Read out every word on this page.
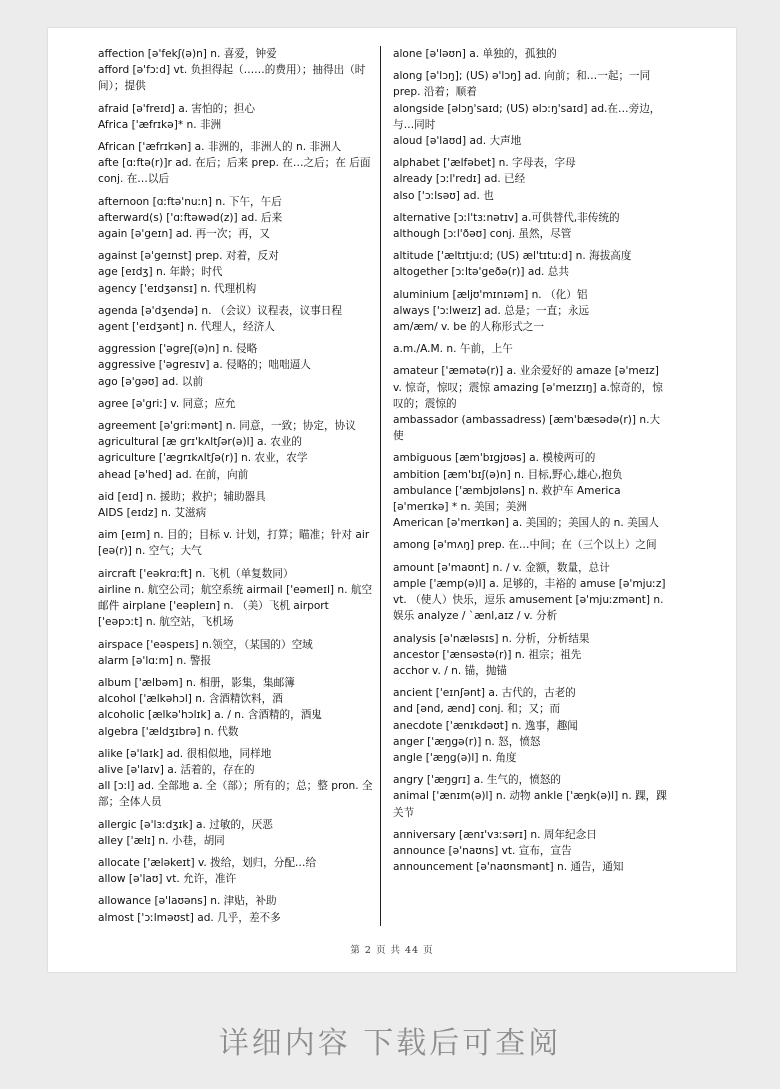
affection [ə'fekʃ(ə)n] n. 喜爱，钟爱
afford [ə'fɔːd] vt. 负担得起（……的费用）；抽得出（时间）；提供

afraid [ə'freɪd] a. 害怕的；担心
Africa ['æfrɪkə]* n. 非洲

African ['æfrɪkən] a. 非洲的，非洲人的 n. 非洲人
afte [ɑːftə(r)]r ad. 在后；后来 prep. 在…之后；在 后面 conj. 在…以后

afternoon [ɑːftə'nuːn] n. 下午，午后
afterward(s) ['ɑːftəwəd(z)] ad. 后来
again [ə'geɪn] ad. 再一次；再，又

against [ə'geɪnst] prep. 对着，反对
age [eɪdʒ] n. 年龄；时代
agency ['eɪdʒənsɪ] n. 代理机构

agenda [ə'dʒendə] n. （会议）议程表，议事日程
agent ['eɪdʒənt] n. 代理人，经济人

aggression ['əgreʃ(ə)n] n. 侵略
aggressive ['əgresɪv] a. 侵略的；咄咄逼人
ago [ə'gəʊ] ad. 以前

agree [ə'griː] v. 同意；应允

agreement [ə'griːmənt] n. 同意，一致；协定，协议
agricultural [æ grɪ'kʌltʃər(ə)l] a. 农业的
agriculture ['ægrɪkʌltʃə(r)] n. 农业，农学
ahead [ə'hed] ad. 在前，向前

aid [eɪd] n. 援助；救护；辅助器具
AIDS [eɪdz] n. 艾滋病

aim [eɪm] n. 目的；目标 v. 计划，打算；瞄准；针对 air [eə(r)] n. 空气；大气

aircraft ['eəkrɑːft] n. 飞机（单复数同）
airline n. 航空公司；航空系统 airmail ['eəmeɪl] n. 航空邮件 airplane ['eəpleɪn] n. （美）飞机 airport ['eəpɔːt] n. 航空站，飞机场

airspace ['eəspeɪs] n.领空，（某国的）空域
alarm [ə'lɑːm] n. 警报

album ['ælbəm] n. 相册，影集，集邮簿
alcohol ['ælkəhɔl] n. 含酒精饮料，酒
alcoholic [ælkə'hɔlɪk] a. / n. 含酒精的，酒鬼
algebra ['ældʒɪbrə] n. 代数

alike [ə'laɪk] ad. 很相似地，同样地
alive [ə'laɪv] a. 活着的，存在的
all [ɔːl] ad. 全部地 a. 全（部）；所有的；总；整 pron. 全部；全体人员

allergic [ə'lɜːdʒɪk] a. 过敏的，厌恶
alley ['ælɪ] n. 小巷，胡同

allocate ['æləkeɪt] v. 拨给，划归，分配…给
allow [ə'laʊ] vt. 允许，准许

allowance [ə'laʊəns] n. 津贴，补助
almost ['ɔːlməʊst] ad. 几乎，差不多

alone [ə'ləʊn] a. 单独的，孤独的

along [ə'lɔŋ]; (US) ə'lɔŋ] ad. 向前；和…一起；一同 prep. 沿着；顺着
alongside [əlɔŋ'saɪd; (US) əlɔːŋ'saɪd] ad.在…旁边，与…同时
aloud [ə'laʊd] ad. 大声地

alphabet ['ælfəbet] n. 字母表，字母
already [ɔːl'redɪ] ad. 已经
also ['ɔːlsəʊ] ad. 也

alternative [ɔːl'tɜːnətɪv] a.可供替代,非传统的
although [ɔːl'ðəʊ] conj. 虽然，尽管

altitude ['æltɪtjuːd; (US) æl'tɪtuːd] n. 海拔高度
altogether [ɔːltə'geðə(r)] ad. 总共

aluminium [æljʊ'mɪnɪəm] n. （化）铝
always ['ɔːlweɪz] ad. 总是；一直；永远
am/æm/ v. be 的人称形式之一

a.m./A.M. n. 午前，上午

amateur ['æmətə(r)] a. 业余爱好的 amaze [ə'meɪz] v. 惊奇，惊叹；震惊 amazing [ə'meɪzɪŋ] a.惊奇的，惊叹的；震惊的
ambassador (ambassadress) [æm'bæsədə(r)] n.大使

ambiguous [æm'bɪgjʊəs] a. 模棱两可的
ambition [æm'bɪʃ(ə)n] n. 目标,野心,雄心,抱负
ambulance ['æmbjʊləns] n. 救护车 America [ə'merɪkə] * n. 美国；美洲
American [ə'merɪkən] a. 美国的；美国人的 n. 美国人

among [ə'mʌŋ] prep. 在…中间；在（三个以上）之间

amount [ə'maʊnt] n. / v. 金额，数量，总计
ample ['æmp(ə)l] a. 足够的，丰裕的 amuse [ə'mjuːz] vt. （使人）快乐，逗乐 amusement [ə'mjuːzmənt] n. 娱乐 analyze / `ænl,aɪz / v. 分析

analysis [ə'næləsɪs] n. 分析，分析结果
ancestor ['ænsəstə(r)] n. 祖宗；祖先
acchor v. / n. 锚，抛锚

ancient ['eɪnʃənt] a. 古代的，古老的
and [ənd, ænd] conj. 和；又；而
anecdote ['ænɪkdəʊt] n. 逸事，趣闻
anger ['æŋgə(r)] n. 怒，愤怒
angle ['æŋg(ə)l] n. 角度

angry ['æŋgrɪ] a. 生气的，愤怒的
animal ['ænɪm(ə)l] n. 动物 ankle ['æŋk(ə)l] n. 踝，踝关节

anniversary [ænɪ'vɜːsərɪ] n. 周年纪念日
announce [ə'naʊns] vt. 宣布，宣告
announcement [ə'naʊnsmənt] n. 通告，通知

第 2 页 共 44 页
详细内容 下载后可查阅
